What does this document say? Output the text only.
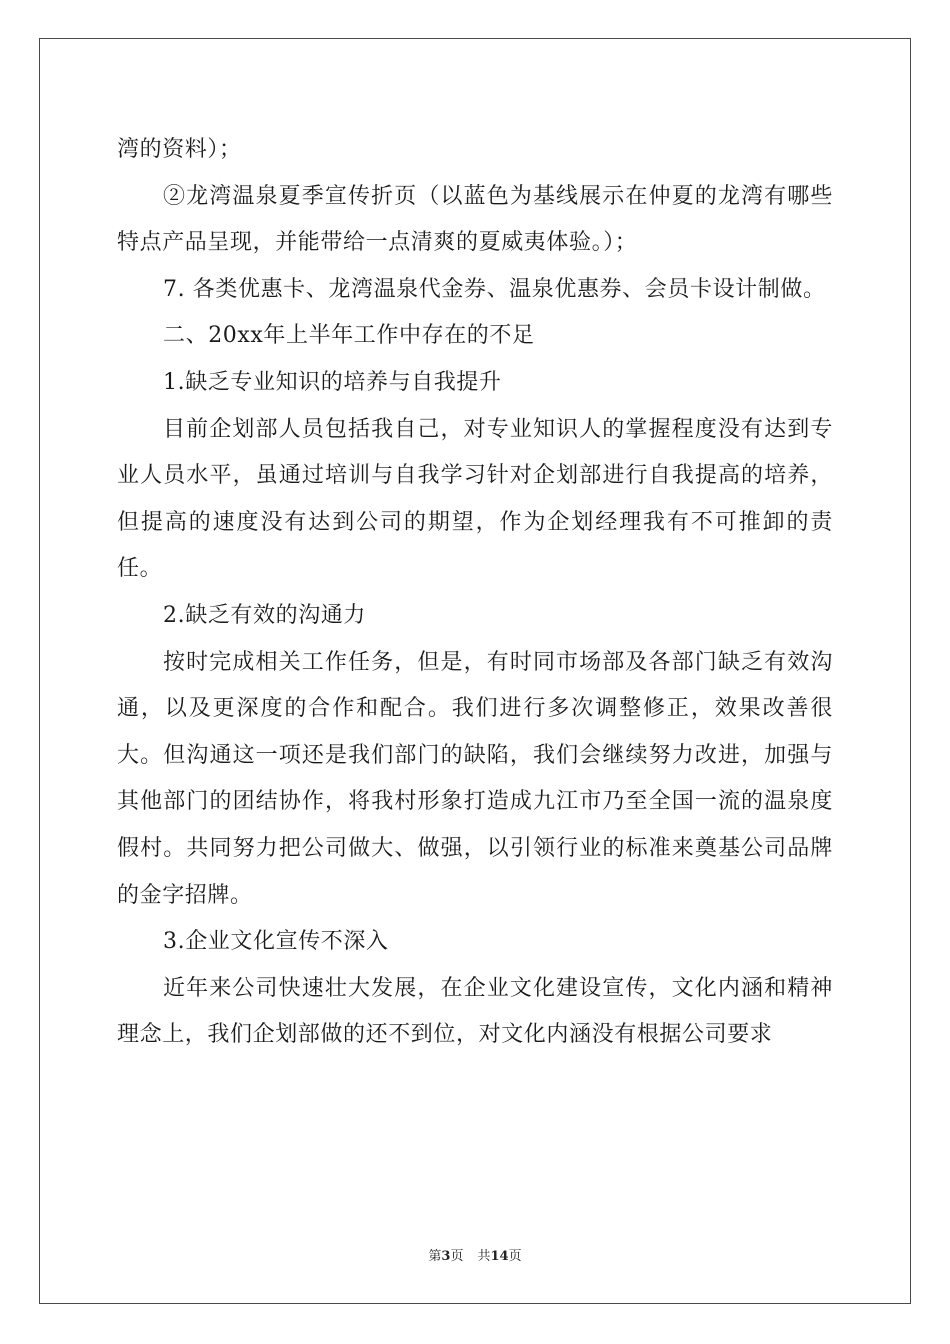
湾的资料）；

②龙湾温泉夏季宣传折页（以蓝色为基线展示在仲夏的龙湾有哪些特点产品呈现，并能带给一点清爽的夏威夷体验。）；

7. 各类优惠卡、龙湾温泉代金券、温泉优惠券、会员卡设计制做。

二、20xx年上半年工作中存在的不足

1.缺乏专业知识的培养与自我提升

目前企划部人员包括我自己，对专业知识人的掌握程度没有达到专业人员水平，虽通过培训与自我学习针对企划部进行自我提高的培养，但提高的速度没有达到公司的期望，作为企划经理我有不可推卸的责任。

2.缺乏有效的沟通力

按时完成相关工作任务，但是，有时同市场部及各部门缺乏有效沟通，以及更深度的合作和配合。我们进行多次调整修正，效果改善很大。但沟通这一项还是我们部门的缺陷，我们会继续努力改进，加强与其他部门的团结协作，将我村形象打造成九江市乃至全国一流的温泉度假村。共同努力把公司做大、做强，以引领行业的标准来奠基公司品牌的金字招牌。

3.企业文化宣传不深入

近年来公司快速壮大发展，在企业文化建设宣传，文化内涵和精神理念上，我们企划部做的还不到位，对文化内涵没有根据公司要求

第3页 共14页
